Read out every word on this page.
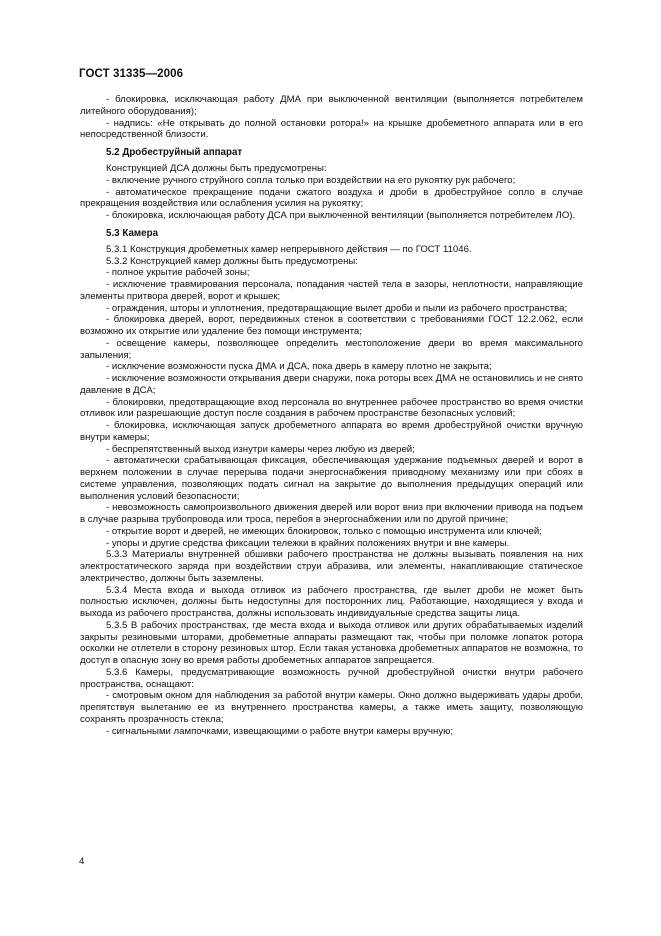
ГОСТ 31335—2006

- блокировка, исключающая работу ДМА при выключенной вентиляции (выполняется потребителем литейного оборудования);

- надпись: «Не открывать до полной остановки ротора!» на крышке дробеметного аппарата или в его непосредственной близости.

5.2 Дробеструйный аппарат

Конструкцией ДСА должны быть предусмотрены:

- включение ручного струйного сопла только при воздействии на его рукоятку рук рабочего;

- автоматическое прекращение подачи сжатого воздуха и дроби в дробеструйное сопло в случае прекращения воздействия или ослабления усилия на рукоятку;

- блокировка, исключающая работу ДСА при выключенной вентиляции (выполняется потребителем ЛО).

5.3 Камера

5.3.1 Конструкция дробеметных камер непрерывного действия — по ГОСТ 11046.

5.3.2 Конструкцией камер должны быть предусмотрены:

- полное укрытие рабочей зоны;

- исключение травмирования персонала, попадания частей тела в зазоры, неплотности, направляющие элементы притвора дверей, ворот и крышек;

- ограждения, шторы и уплотнения, предотвращающие вылет дроби и пыли из рабочего пространства;

- блокировка дверей, ворот, передвижных стенок в соответствии с требованиями ГОСТ 12.2.062, если возможно их открытие или удаление без помощи инструмента;

- освещение камеры, позволяющее определить местоположение двери во время максимального запыления;

- исключение возможности пуска ДМА и ДСА, пока дверь в камеру плотно не закрыта;

- исключение возможности открывания двери снаружи, пока роторы всех ДМА не остановились и не снято давление в ДСА;

- блокировки, предотвращающие вход персонала во внутреннее рабочее пространство во время очистки отливок или разрешающие доступ после создания в рабочем пространстве безопасных условий;

- блокировка, исключающая запуск дробеметного аппарата во время дробеструйной очистки вручную внутри камеры;

- беспрепятственный выход изнутри камеры через любую из дверей;

- автоматически срабатывающая фиксация, обеспечивающая удержание подъемных дверей и ворот в верхнем положении в случае перерыва подачи энергоснабжения приводному механизму или при сбоях в системе управления, позволяющих подать сигнал на закрытие до выполнения предыдущих операций или выполнения условий безопасности;

- невозможность самопроизвольного движения дверей или ворот вниз при включении привода на подъем в случае разрыва трубопровода или троса, перебоя в энергоснабжении или по другой причине;

- открытие ворот и дверей, не имеющих блокировок, только с помощью инструмента или ключей;

- упоры и другие средства фиксации тележки в крайних положениях внутри и вне камеры.

5.3.3 Материалы внутренней обшивки рабочего пространства не должны вызывать появления на них электростатического заряда при воздействии струи абразива, или элементы, накапливающие статическое электричество, должны быть заземлены.

5.3.4 Места входа и выхода отливок из рабочего пространства, где вылет дроби не может быть полностью исключен, должны быть недоступны для посторонних лиц. Работающие, находящиеся у входа и выхода из рабочего пространства, должны использовать индивидуальные средства защиты лица.

5.3.5 В рабочих пространствах, где места входа и выхода отливок или других обрабатываемых изделий закрыты резиновыми шторами, дробеметные аппараты размещают так, чтобы при поломке лопаток ротора осколки не отлетели в сторону резиновых штор. Если такая установка дробеметных аппаратов не возможна, то доступ в опасную зону во время работы дробеметных аппаратов запрещается.

5.3.6 Камеры, предусматривающие возможность ручной дробеструйной очистки внутри рабочего пространства, оснащают:

- смотровым окном для наблюдения за работой внутри камеры. Окно должно выдерживать удары дроби, препятствуя вылетанию ее из внутреннего пространства камеры, а также иметь защиту, позволяющую сохранять прозрачность стекла;

- сигнальными лампочками, извещающими о работе внутри камеры вручную;

4
